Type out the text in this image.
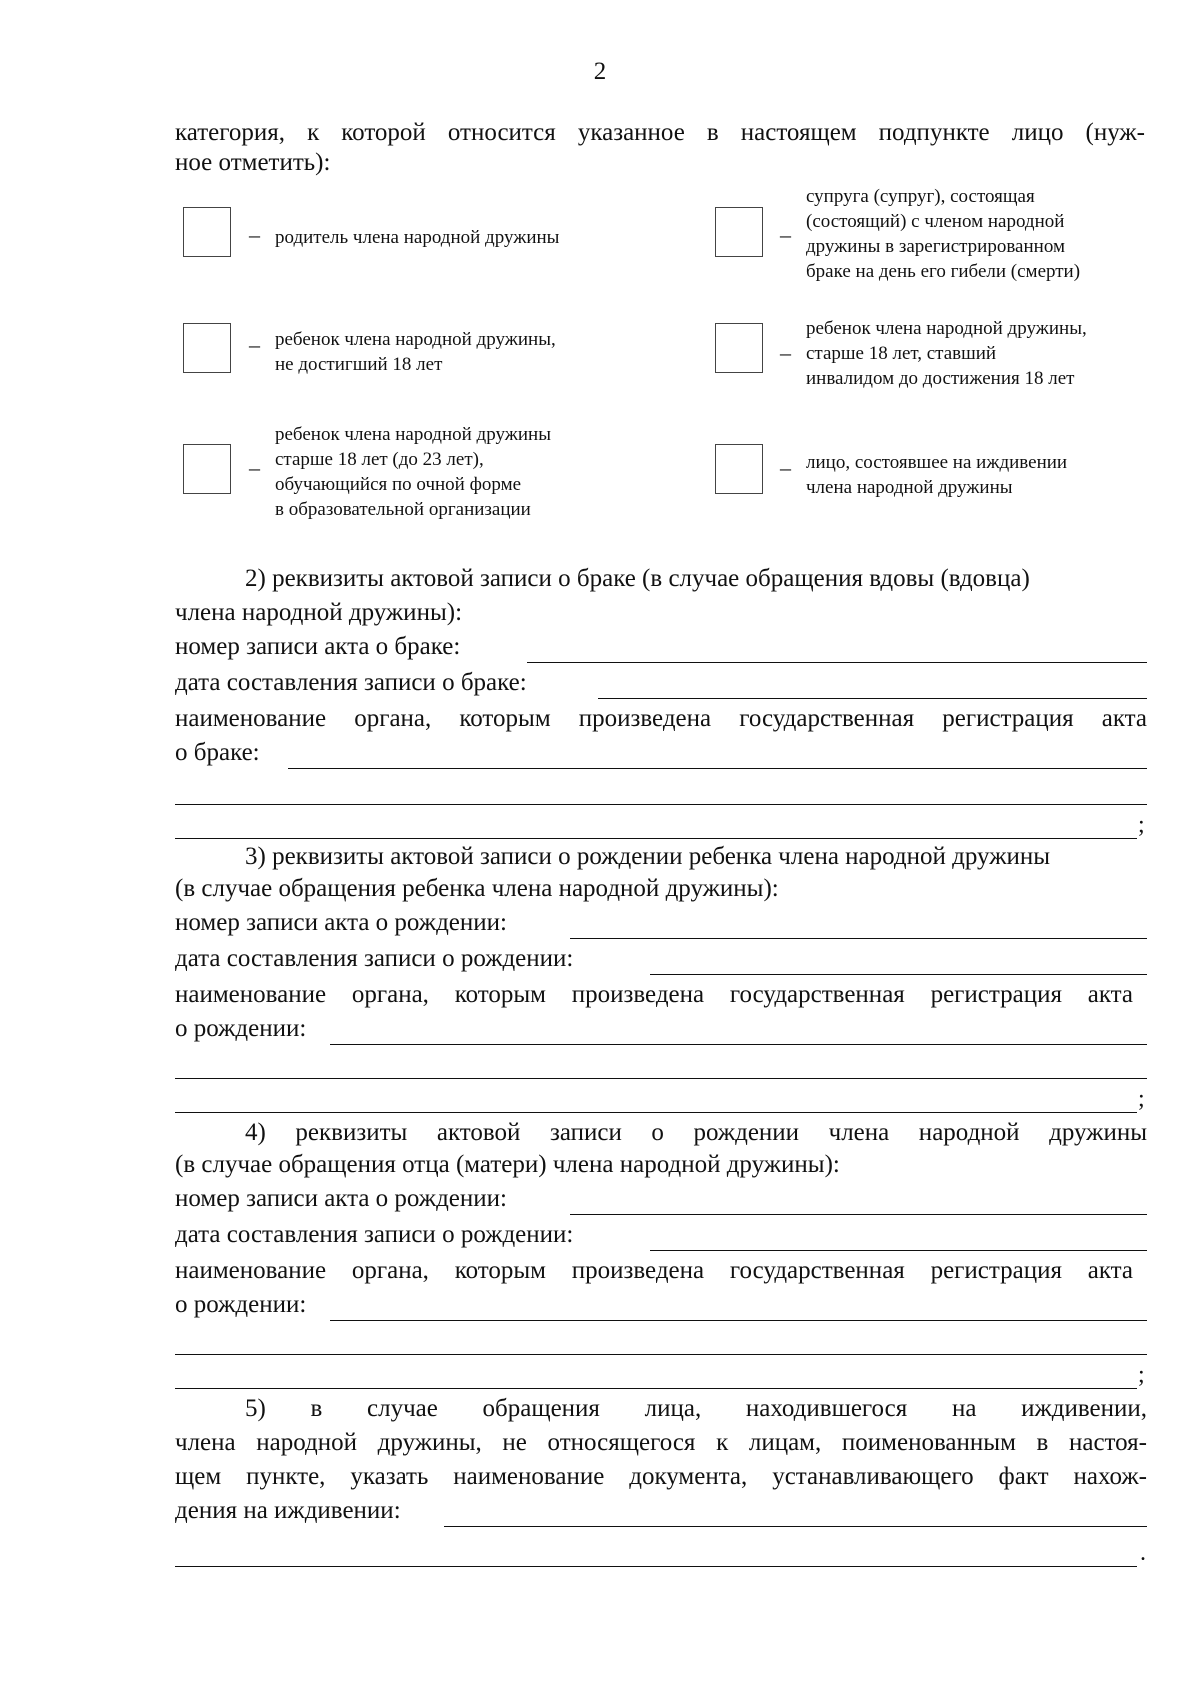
2
категория, к которой относится указанное в настоящем подпункте лицо (нуж-
ное отметить):
– родитель члена народной дружины	–
супруга (супруг), состоящая
(состоящий) с членом народной
дружины в зарегистрированном
браке на день его гибели (смерти)
– ребенок члена народной дружины,
не достигший 18 лет	–
ребенок члена народной дружины,
старше 18 лет, ставший
инвалидом до достижения 18 лет
–
ребенок члена народной дружины
старше 18 лет (до 23 лет),
обучающийся по очной форме
в образовательной организации
– лицо, состоявшее на иждивении
члена народной дружины
2) реквизиты актовой записи о браке (в случае обращения вдовы (вдовца)
члена народной дружины):
номер записи акта о браке:
дата составления записи о браке:
наименование органа, которым произведена государственная регистрация акта
о браке:
;
3) реквизиты актовой записи о рождении ребенка члена народной дружины
(в случае обращения ребенка члена народной дружины):
номер записи акта о рождении:
дата составления записи о рождении:
наименование органа, которым произведена государственная регистрация акта
о рождении:
;
4) реквизиты актовой записи о рождении члена народной дружины
(в случае обращения отца (матери) члена народной дружины):
номер записи акта о рождении:
дата составления записи о рождении:
наименование органа, которым произведена государственная регистрация акта
о рождении:
;
5) в случае обращения лица, находившегося на иждивении,
члена народной дружины, не относящегося к лицам, поименованным в настоя-
щем пункте, указать наименование документа, устанавливающего факт нахож-
дения на иждивении:
.
